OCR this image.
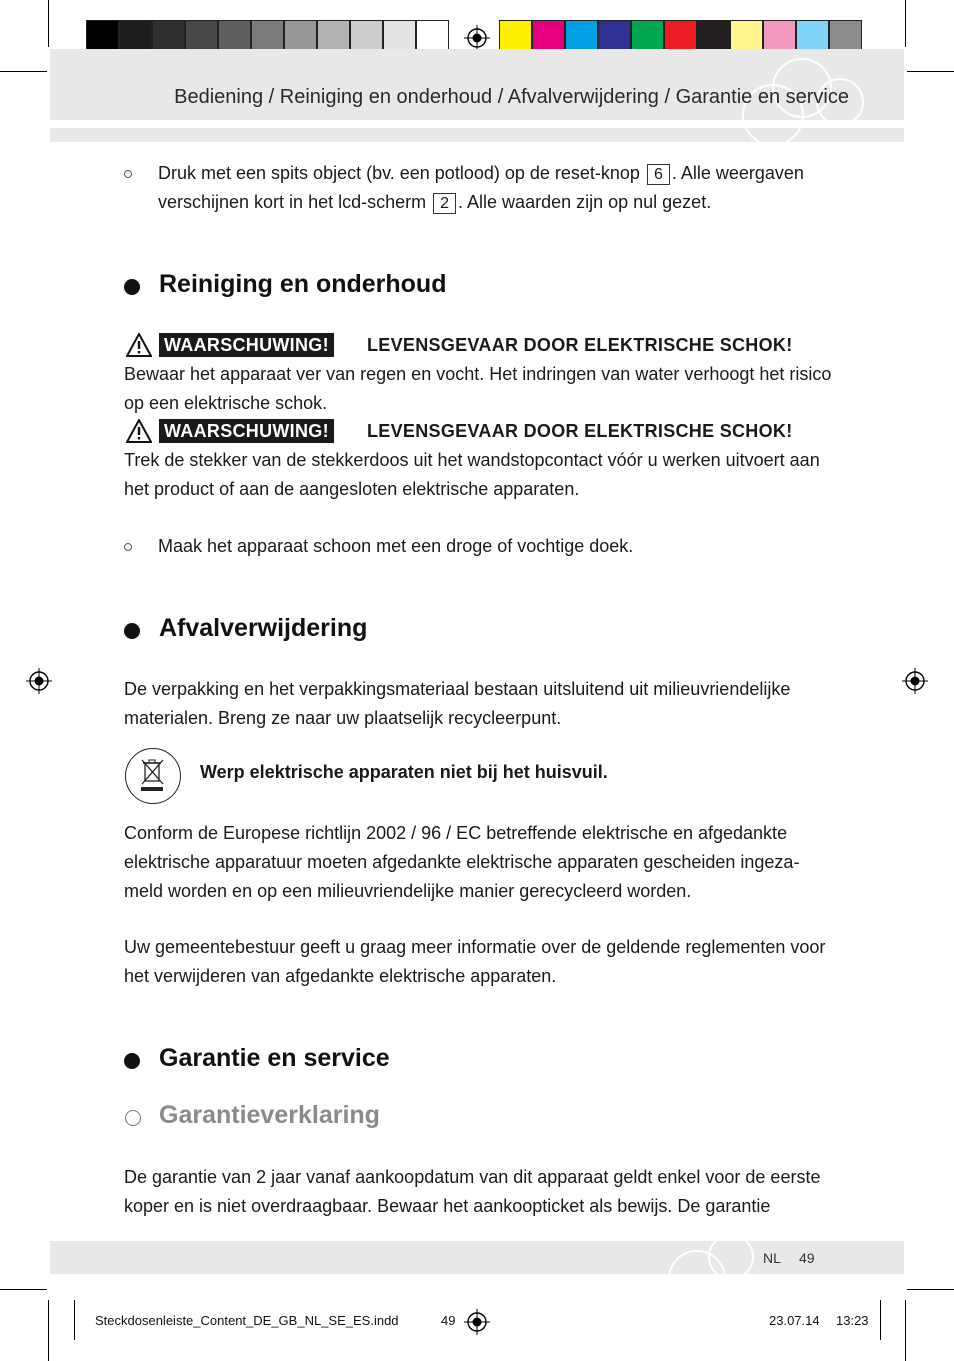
Bediening / Reiniging en onderhoud / Afvalverwijdering / Garantie en service
Druk met een spits object (bv. een potlood) op de reset-knop 6 . Alle weergaven verschijnen kort in het lcd-scherm 2 . Alle waarden zijn op nul gezet.
Reiniging en onderhoud
WAARSCHUWING! LEVENSGEVAAR DOOR ELEKTRISCHE SCHOK!
Bewaar het apparaat ver van regen en vocht. Het indringen van water verhoogt het risico op een elektrische schok.
WAARSCHUWING! LEVENSGEVAAR DOOR ELEKTRISCHE SCHOK!
Trek de stekker van de stekkerdoos uit het wandstopcontact vóór u werken uitvoert aan het product of aan de aangesloten elektrische apparaten.
Maak het apparaat schoon met een droge of vochtige doek.
Afvalverwijdering
De verpakking en het verpakkingsmateriaal bestaan uitsluitend uit milieuvriendelijke materialen. Breng ze naar uw plaatselijk recycleerpunt.
Werp elektrische apparaten niet bij het huisvuil.
Conform de Europese richtlijn 2002 / 96 / EC betreffende elektrische en afgedankte elektrische apparatuur moeten afgedankte elektrische apparaten gescheiden ingeza-meld worden en op een milieuvriendelijke manier gerecycleerd worden.
Uw gemeentebestuur geeft u graag meer informatie over de geldende reglementen voor het verwijderen van afgedankte elektrische apparaten.
Garantie en service
Garantieverklaring
De garantie van 2 jaar vanaf aankoopdatum van dit apparaat geldt enkel voor de eerste koper en is niet overdraagbaar. Bewaar het aankoopticket als bewijs. De garantie
NL 49
Steckdosenleiste_Content_DE_GB_NL_SE_ES.indd	49	23.07.14 13:23
